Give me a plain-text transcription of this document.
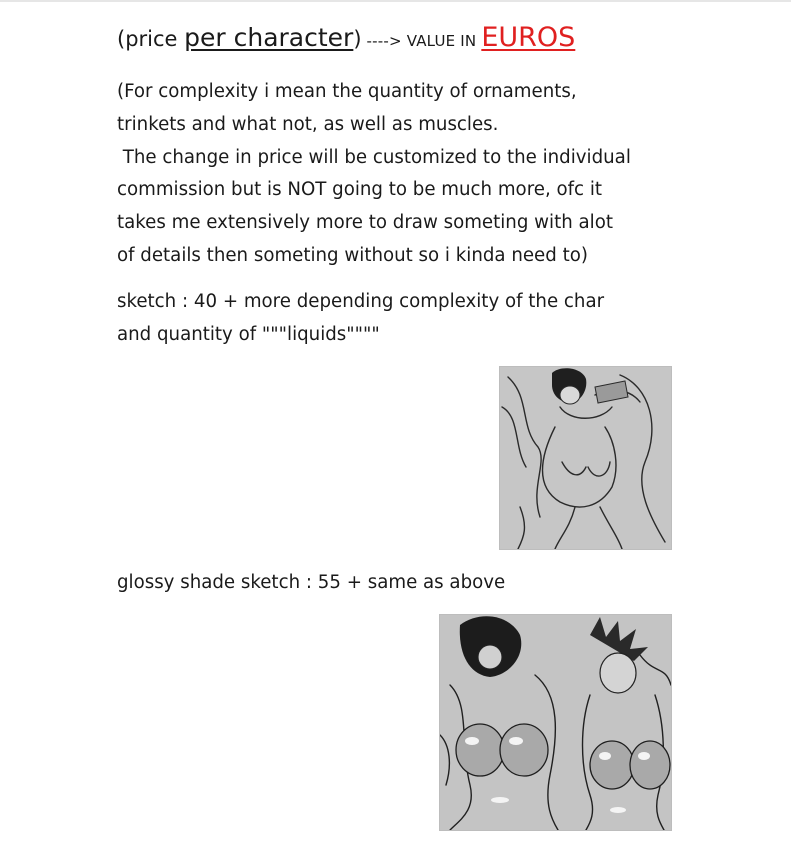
(price per character) ----> VALUE IN EUROS

(For complexity i mean the quantity of ornaments,
trinkets and what not, as well as muscles.
The change in price will be customized to the individual
commission but is NOT going to be much more, ofc it
takes me extensively more to draw someting with alot
of details then someting without so i kinda need to)

sketch : 40 + more depending complexity of the char
and quantity of """liquids""""

glossy shade sketch : 55 + same as above
